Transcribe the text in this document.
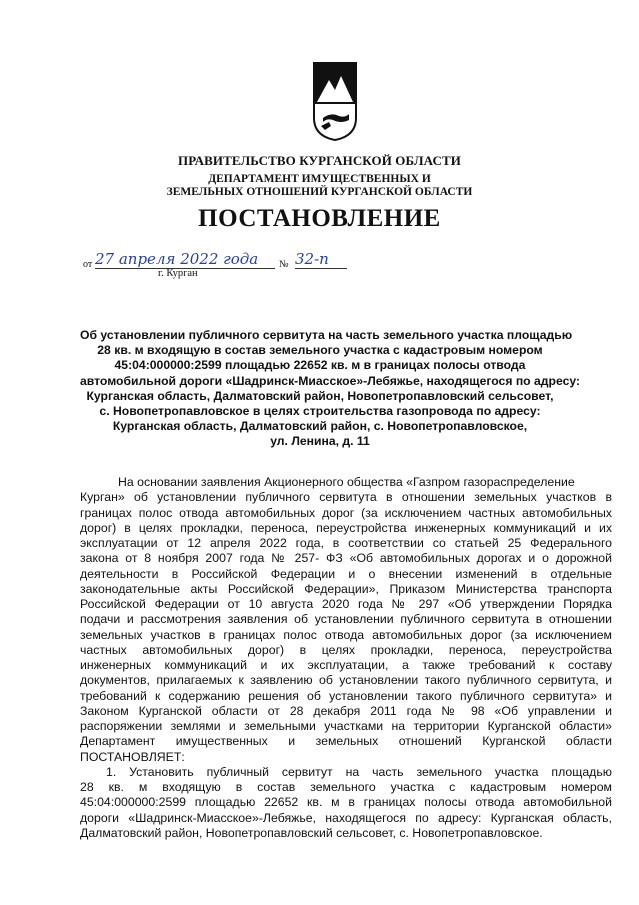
ПРАВИТЕЛЬСТВО КУРГАНСКОЙ ОБЛАСТИ
ДЕПАРТАМЕНТ ИМУЩЕСТВЕННЫХ И
ЗЕМЕЛЬНЫХ ОТНОШЕНИЙ КУРГАНСКОЙ ОБЛАСТИ
ПОСТАНОВЛЕНИЕ
от 27 апреля 2022 года	№ 32-п
г. Курган
Об установлении публичного сервитута на часть земельного участка площадью
28 кв. м входящую в состав земельного участка с кадастровым номером
45:04:000000:2599 площадью 22652 кв. м в границах полосы отвода
автомобильной дороги «Шадринск-Миасское»-Лебяжье, находящегося по адресу:
Курганская область, Далматовский район, Новопетропавловский сельсовет,
с. Новопетропавловское в целях строительства газопровода по адресу:
Курганская область, Далматовский район, с. Новопетропавловское,
ул. Ленина, д. 11
На основании заявления Акционерного общества «Газпром газораспределение
Курган» об установлении публичного сервитута в отношении земельных участков в
границах полос отвода автомобильных дорог (за исключением частных автомобильных
дорог) в целях прокладки, переноса, переустройства инженерных коммуникаций и их
эксплуатации от 12 апреля 2022 года, в соответствии со статьей 25 Федерального
закона от 8 ноября 2007 года № 257- ФЗ «Об автомобильных дорогах и о дорожной
деятельности в Российской Федерации и о внесении изменений в отдельные
законодательные акты Российской Федерации», Приказом Министерства транспорта
Российской Федерации от 10 августа 2020 года № 297 «Об утверждении Порядка
подачи и рассмотрения заявления об установлении публичного сервитута в отношении
земельных участков в границах полос отвода автомобильных дорог (за исключением
частных автомобильных дорог) в целях прокладки, переноса, переустройства
инженерных коммуникаций и их эксплуатации, а также требований к составу
документов, прилагаемых к заявлению об установлении такого публичного сервитута, и
требований к содержанию решения об установлении такого публичного сервитута» и
Законом Курганской области от 28 декабря 2011 года № 98 «Об управлении и
распоряжении землями и земельными участками на территории Курганской области»
Департамент имущественных и земельных отношений Курганской области
ПОСТАНОВЛЯЕТ:
1. Установить публичный сервитут на часть земельного участка площадью
28 кв. м входящую в состав земельного участка с кадастровым номером
45:04:000000:2599 площадью 22652 кв. м в границах полосы отвода автомобильной
дороги «Шадринск-Миасское»-Лебяжье, находящегося по адресу: Курганская область,
Далматовский район, Новопетропавловский сельсовет, с. Новопетропавловское.
